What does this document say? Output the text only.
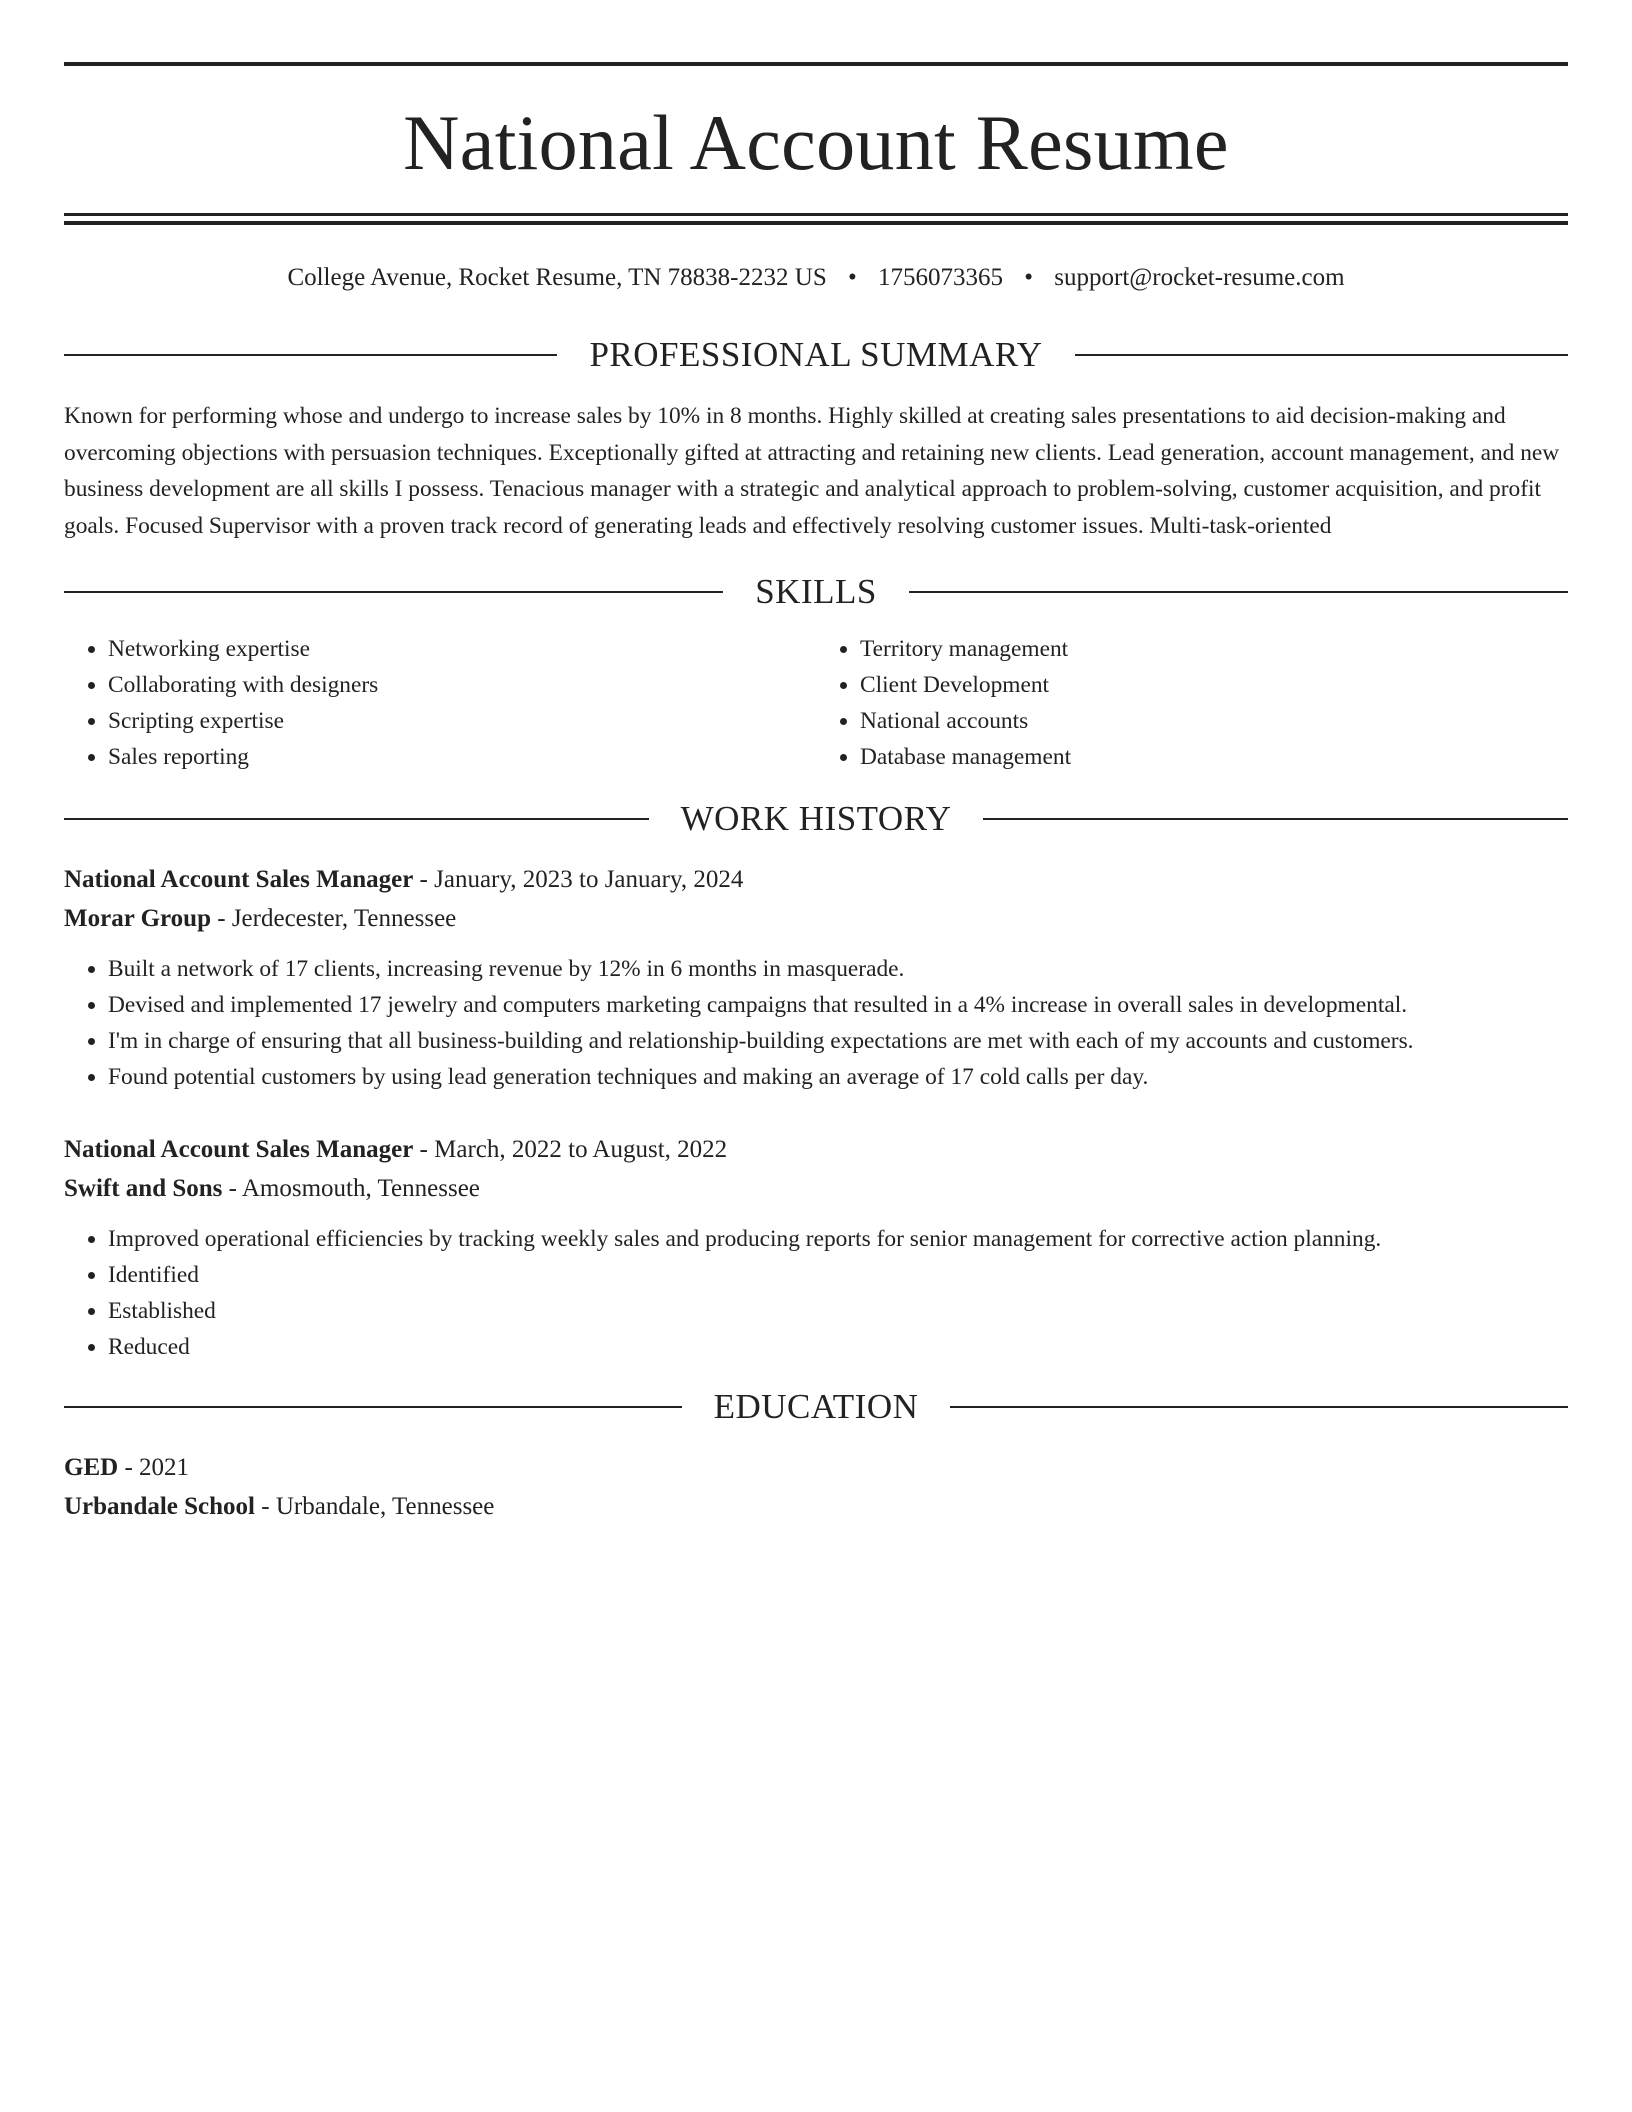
National Account Resume
College Avenue, Rocket Resume, TN 78838-2232 US • 1756073365 • support@rocket-resume.com
PROFESSIONAL SUMMARY

Known for performing whose and undergo to increase sales by 10% in 8 months. Highly skilled at creating sales presentations to aid decision-making and overcoming objections with persuasion techniques. Exceptionally gifted at attracting and retaining new clients. Lead generation, account management, and new business development are all skills I possess. Tenacious manager with a strategic and analytical approach to problem-solving, customer acquisition, and profit goals. Focused Supervisor with a proven track record of generating leads and effectively resolving customer issues. Multi-task-oriented

SKILLS
• Networking expertise
• Collaborating with designers
• Scripting expertise
• Sales reporting
• Territory management
• Client Development
• National accounts
• Database management
WORK HISTORY
National Account Sales Manager - January, 2023 to January, 2024
Morar Group - Jerdecester, Tennessee
• Built a network of 17 clients, increasing revenue by 12% in 6 months in masquerade.
• Devised and implemented 17 jewelry and computers marketing campaigns that resulted in a 4% increase in overall sales in developmental.
• I'm in charge of ensuring that all business-building and relationship-building expectations are met with each of my accounts and customers.
• Found potential customers by using lead generation techniques and making an average of 17 cold calls per day.
National Account Sales Manager - March, 2022 to August, 2022
Swift and Sons - Amosmouth, Tennessee
• Improved operational efficiencies by tracking weekly sales and producing reports for senior management for corrective action planning.
• Identified
• Established
• Reduced
EDUCATION
GED - 2021
Urbandale School - Urbandale, Tennessee
